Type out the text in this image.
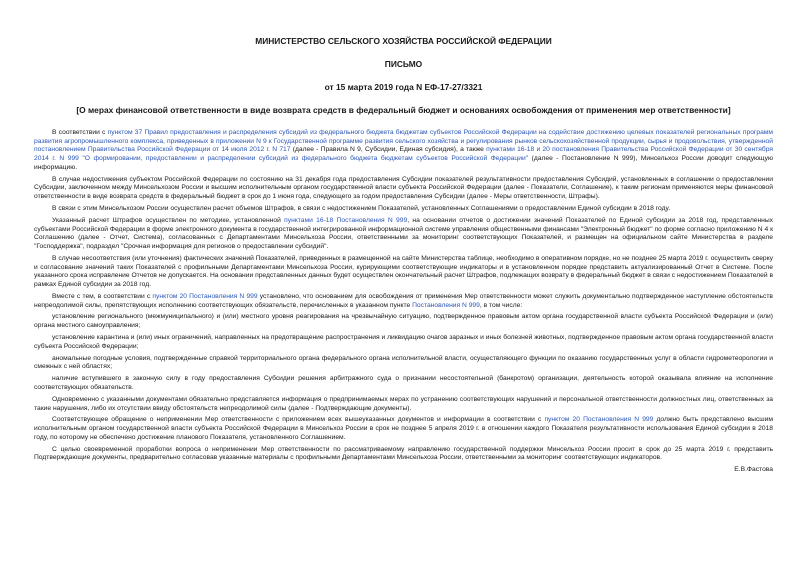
МИНИСТЕРСТВО СЕЛЬСКОГО ХОЗЯЙСТВА РОССИЙСКОЙ ФЕДЕРАЦИИ
ПИСЬМО
от 15 марта 2019 года N ЕФ-17-27/3321
[О мерах финансовой ответственности в виде возврата средств в федеральный бюджет и основаниях освобождения от применения мер ответственности]

В соответствии с пунктом 37 Правил предоставления и распределения субсидий из федерального бюджета бюджетам субъектов Российской Федерации на содействие достижению целевых показателей региональных программ развития агропромышленного комплекса, приведенных в приложении N 9 к Государственной программе развития сельского хозяйства и регулирования рынков сельскохозяйственной продукции, сырья и продовольствия, утвержденной постановлением Правительства Российской Федерации от 14 июля 2012 г. N 717 (далее - Правила N 9, Субсидии, Единая субсидия), а также пунктами 16-18 и 20 постановления Правительства Российской Федерации от 30 сентября 2014 г. N 999 "О формировании, предоставлении и распределении субсидий из федерального бюджета бюджетам субъектов Российской Федерации" (далее - Постановление N 999), Минсельхоз России доводит следующую информацию.

В случае недостижения субъектом Российской Федерации по состоянию на 31 декабря года предоставления Субсидии показателей результативности предоставления Субсидий, установленных в соглашении о предоставлении Субсидии, заключенном между Минсельхозом России и высшим исполнительным органом государственной власти субъекта Российской Федерации (далее - Показатели, Соглашение), к таким регионам применяются меры финансовой ответственности в виде возврата средств в федеральный бюджет в срок до 1 июня года, следующего за годом предоставления Субсидии (далее - Меры ответственности, Штрафы).

В связи с этим Минсельхозом России осуществлен расчет объемов Штрафов, в связи с недостижением Показателей, установленных Соглашениями о предоставлении Единой субсидии в 2018 году.

Указанный расчет Штрафов осуществлен по методике, установленной пунктами 16-18 Постановления N 999, на основании отчетов о достижении значений Показателей по Единой субсидии за 2018 год, представленных субъектами Российской Федерации в форме электронного документа в государственной интегрированной информационной системе управления общественными финансами "Электронный бюджет" по форме согласно приложению N 4 к Соглашению (далее - Отчет, Система), согласованных с Департаментами Минсельхоза России, ответственными за мониторинг соответствующих Показателей, и размещен на официальном сайте Министерства в разделе "Господдержка", подраздел "Срочная информация для регионов о предоставлении субсидий".

В случае несоответствия (или уточнения) фактических значений Показателей, приведенных в размещенной на сайте Министерства таблице, необходимо в оперативном порядке, но не позднее 25 марта 2019 г. осуществить сверку и согласование значений таких Показателей с профильными Департаментами Минсельхоза России, курирующими соответствующие индикаторы и в установленном порядке представить актуализированный Отчет в Системе. После указанного срока исправление Отчетов не допускается. На основании представленных данных будет осуществлен окончательный расчет Штрафов, подлежащих возврату в федеральный бюджет в связи с недостижением Показателей в рамках Единой субсидии за 2018 год.

Вместе с тем, в соответствии с пунктом 20 Постановления N 999 установлено, что основанием для освобождения от применения Мер ответственности может служить документально подтвержденное наступление обстоятельств непреодолимой силы, препятствующих исполнению соответствующих обязательств, перечисленных в указанном пункте Постановления N 999, в том числе:

установление регионального (межмуниципального) и (или) местного уровня реагирования на чрезвычайную ситуацию, подтвержденное правовым актом органа государственной власти субъекта Российской Федерации и (или) органа местного самоуправления;

установление карантина и (или) иных ограничений, направленных на предотвращение распространения и ликвидацию очагов заразных и иных болезней животных, подтвержденное правовым актом органа государственной власти субъекта Российской Федерации;

аномальные погодные условия, подтвержденные справкой территориального органа федерального органа исполнительной власти, осуществляющего функции по оказанию государственных услуг в области гидрометеорологии и смежных с ней областях;

наличие вступившего в законную силу в году предоставления Субсидии решения арбитражного суда о признании несостоятельной (банкротом) организации, деятельность которой оказывала влияние на исполнение соответствующих обязательств.

Одновременно с указанными документами обязательно представляется информация о предпринимаемых мерах по устранению соответствующих нарушений и персональной ответственности должностных лиц, ответственных за такие нарушения, либо их отсутствии ввиду обстоятельств непреодолимой силы (далее - Подтверждающие документы).

Соответствующее обращение о неприменении Мер ответственности с приложением всех вышеуказанных документов и информации в соответствии с пунктом 20 Постановления N 999 должно быть представлено высшим исполнительным органом государственной власти субъекта Российской Федерации в Минсельхоз России в срок не позднее 5 апреля 2019 г. в отношении каждого Показателя результативности использования Единой субсидии в 2018 году, по которому не обеспечено достижение планового Показателя, установленного Соглашением.

С целью своевременной проработки вопроса о неприменении Мер ответственности по рассматриваемому направлению государственной поддержки Минсельхоз России просит в срок до 25 марта 2019 г. представить Подтверждающие документы, предварительно согласовав указанные материалы с профильными Департаментами Минсельхоза России, ответственными за мониторинг соответствующих индикаторов.

Е.В.Фастова
